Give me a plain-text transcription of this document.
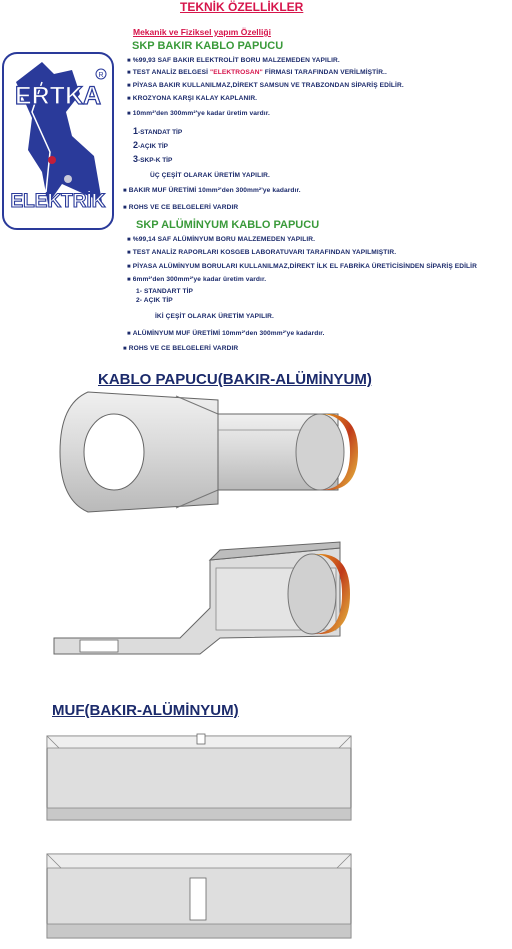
TEKNİK ÖZELLİKLER
Mekanik ve Fiziksel yapım Özelliği
R
ERTKA
ELEKTRİK
SKP BAKIR KABLO PAPUCU
■ %99,93 SAF BAKIR ELEKTROLİT BORU MALZEMEDEN YAPILIR.
■ TEST ANALİZ BELGESİ "ELEKTROSAN" FİRMASI TARAFINDAN VERİLMİŞTİR..
■ PİYASA BAKIR KULLANILMAZ,DİREKT SAMSUN VE TRABZONDAN SİPARİŞ EDİLİR.
■ KROZYONA KARŞI KALAY KAPLANIR.
■ 10mm²'den 300mm²'ye kadar üretim vardır.
1-STANDAT TİP
2-AÇIK TİP
3-SKP-K TİP
ÜÇ ÇEŞİT OLARAK ÜRETİM YAPILIR.
■ BAKIR MUF ÜRETİMİ 10mm²'den 300mm²'ye kadardır.
■ ROHS VE CE BELGELERİ VARDIR
SKP ALÜMİNYUM KABLO PAPUCU
■ %99,14 SAF ALÜMİNYUM BORU MALZEMEDEN YAPILIR.
■ TEST ANALİZ RAPORLARI KOSGEB LABORATUVARI TARAFINDAN YAPILMIŞTIR.
■ PİYASA ALÜMİNYUM BORULARI KULLANILMAZ,DİREKT İLK EL FABRİKA ÜRETİCİSİNDEN SİPARİŞ EDİLİR
■ 6mm²'den 300mm²'ye kadar üretim vardır.
1- STANDART TİP
2- AÇIK TİP
İKİ ÇEŞİT OLARAK ÜRETİM YAPILIR.
■ ALÜMİNYUM MUF ÜRETİMİ 10mm²'den 300mm²'ye kadardır.
■ ROHS VE CE BELGELERİ VARDIR
KABLO PAPUCU(BAKIR-ALÜMİNYUM)
MUF(BAKIR-ALÜMİNYUM)
